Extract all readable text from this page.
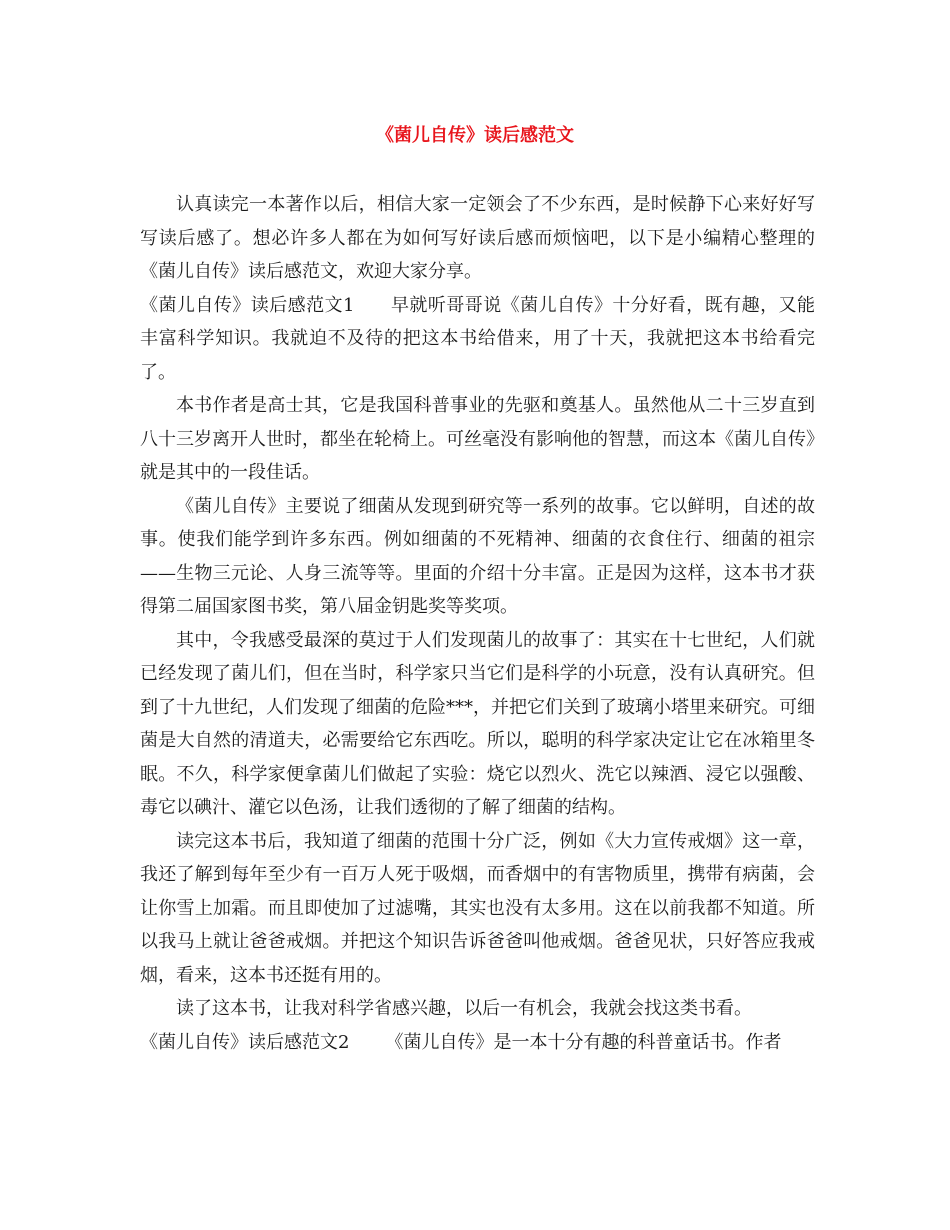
《菌儿自传》读后感范文

认真读完一本著作以后，相信大家一定领会了不少东西，是时候静下心来好好写写读后感了。想必许多人都在为如何写好读后感而烦恼吧，以下是小编精心整理的《菌儿自传》读后感范文，欢迎大家分享。

《菌儿自传》读后感范文1 早就听哥哥说《菌儿自传》十分好看，既有趣，又能丰富科学知识。我就迫不及待的把这本书给借来，用了十天，我就把这本书给看完了。

本书作者是高士其，它是我国科普事业的先驱和奠基人。虽然他从二十三岁直到八十三岁离开人世时，都坐在轮椅上。可丝毫没有影响他的智慧，而这本《菌儿自传》就是其中的一段佳话。

《菌儿自传》主要说了细菌从发现到研究等一系列的故事。它以鲜明，自述的故事。使我们能学到许多东西。例如细菌的不死精神、细菌的衣食住行、细菌的祖宗——生物三元论、人身三流等等。里面的介绍十分丰富。正是因为这样，这本书才获得第二届国家图书奖，第八届金钥匙奖等奖项。

其中，令我感受最深的莫过于人们发现菌儿的故事了：其实在十七世纪，人们就已经发现了菌儿们，但在当时，科学家只当它们是科学的小玩意，没有认真研究。但到了十九世纪，人们发现了细菌的危险***，并把它们关到了玻璃小塔里来研究。可细菌是大自然的清道夫，必需要给它东西吃。所以，聪明的科学家决定让它在冰箱里冬眠。不久，科学家便拿菌儿们做起了实验：烧它以烈火、洗它以辣酒、浸它以强酸、毒它以碘汁、灌它以色汤，让我们透彻的了解了细菌的结构。

读完这本书后，我知道了细菌的范围十分广泛，例如《大力宣传戒烟》这一章，我还了解到每年至少有一百万人死于吸烟，而香烟中的有害物质里，携带有病菌，会让你雪上加霜。而且即使加了过滤嘴，其实也没有太多用。这在以前我都不知道。所以我马上就让爸爸戒烟。并把这个知识告诉爸爸叫他戒烟。爸爸见状，只好答应我戒烟，看来，这本书还挺有用的。

读了这本书，让我对科学省感兴趣，以后一有机会，我就会找这类书看。

《菌儿自传》读后感范文2 《菌儿自传》是一本十分有趣的科普童话书。作者
